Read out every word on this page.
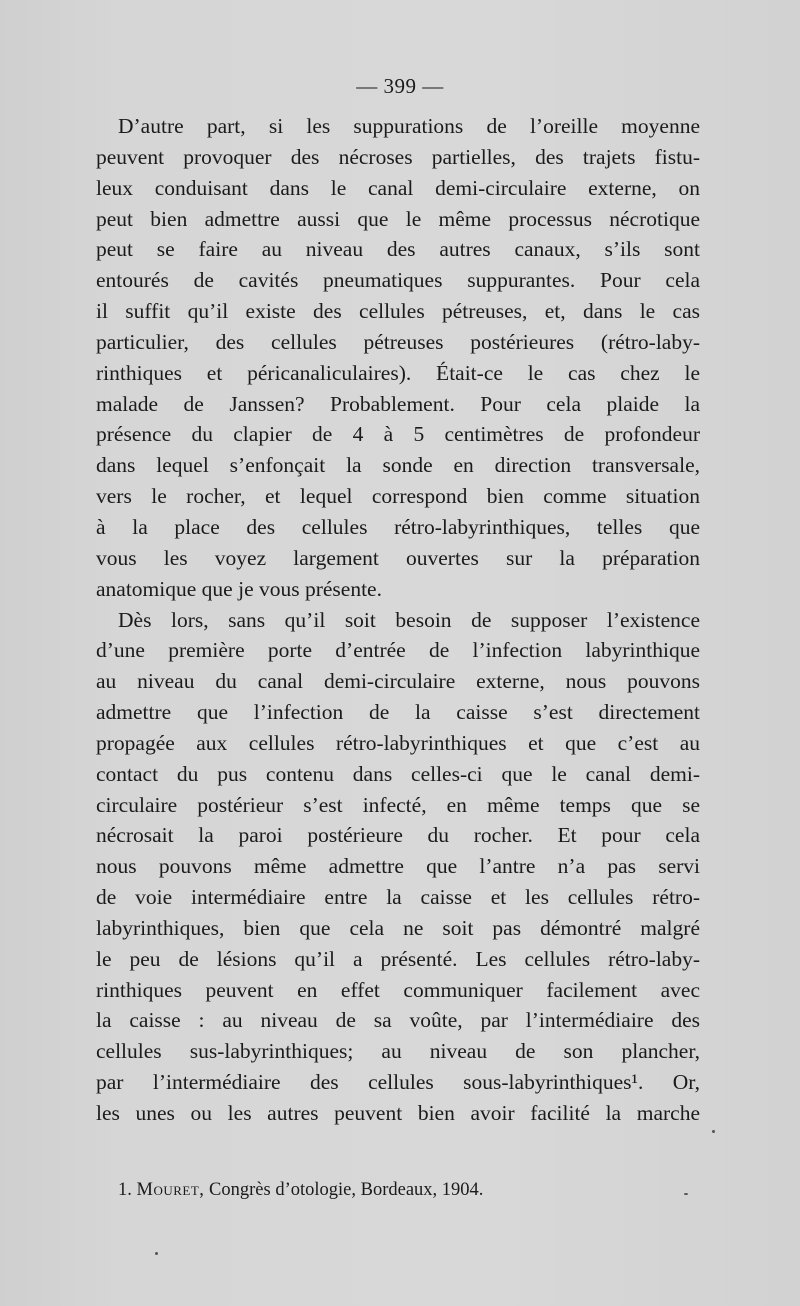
— 399 —
D’autre part, si les suppurations de l’oreille moyenne
peuvent provoquer des nécroses partielles, des trajets fistu-
leux conduisant dans le canal demi-circulaire externe, on
peut bien admettre aussi que le même processus nécrotique
peut se faire au niveau des autres canaux, s’ils sont
entourés de cavités pneumatiques suppurantes. Pour cela
il suffit qu’il existe des cellules pétreuses, et, dans le cas
particulier, des cellules pétreuses postérieures (rétro-laby-
rinthiques et péricanaliculaires). Était-ce le cas chez le
malade de Janssen? Probablement. Pour cela plaide la
présence du clapier de 4 à 5 centimètres de profondeur
dans lequel s’enfonçait la sonde en direction transversale,
vers le rocher, et lequel correspond bien comme situation
à la place des cellules rétro-labyrinthiques, telles que
vous les voyez largement ouvertes sur la préparation
anatomique que je vous présente.
Dès lors, sans qu’il soit besoin de supposer l’existence
d’une première porte d’entrée de l’infection labyrinthique
au niveau du canal demi-circulaire externe, nous pouvons
admettre que l’infection de la caisse s’est directement
propagée aux cellules rétro-labyrinthiques et que c’est au
contact du pus contenu dans celles-ci que le canal demi-
circulaire postérieur s’est infecté, en même temps que se
nécrosait la paroi postérieure du rocher. Et pour cela
nous pouvons même admettre que l’antre n’a pas servi
de voie intermédiaire entre la caisse et les cellules rétro-
labyrinthiques, bien que cela ne soit pas démontré malgré
le peu de lésions qu’il a présenté. Les cellules rétro-laby-
rinthiques peuvent en effet communiquer facilement avec
la caisse : au niveau de sa voûte, par l’intermédiaire des
cellules sus-labyrinthiques; au niveau de son plancher,
par l’intermédiaire des cellules sous-labyrinthiques¹. Or,
les unes ou les autres peuvent bien avoir facilité la marche
1. Mouret, Congrès d’otologie, Bordeaux, 1904.
